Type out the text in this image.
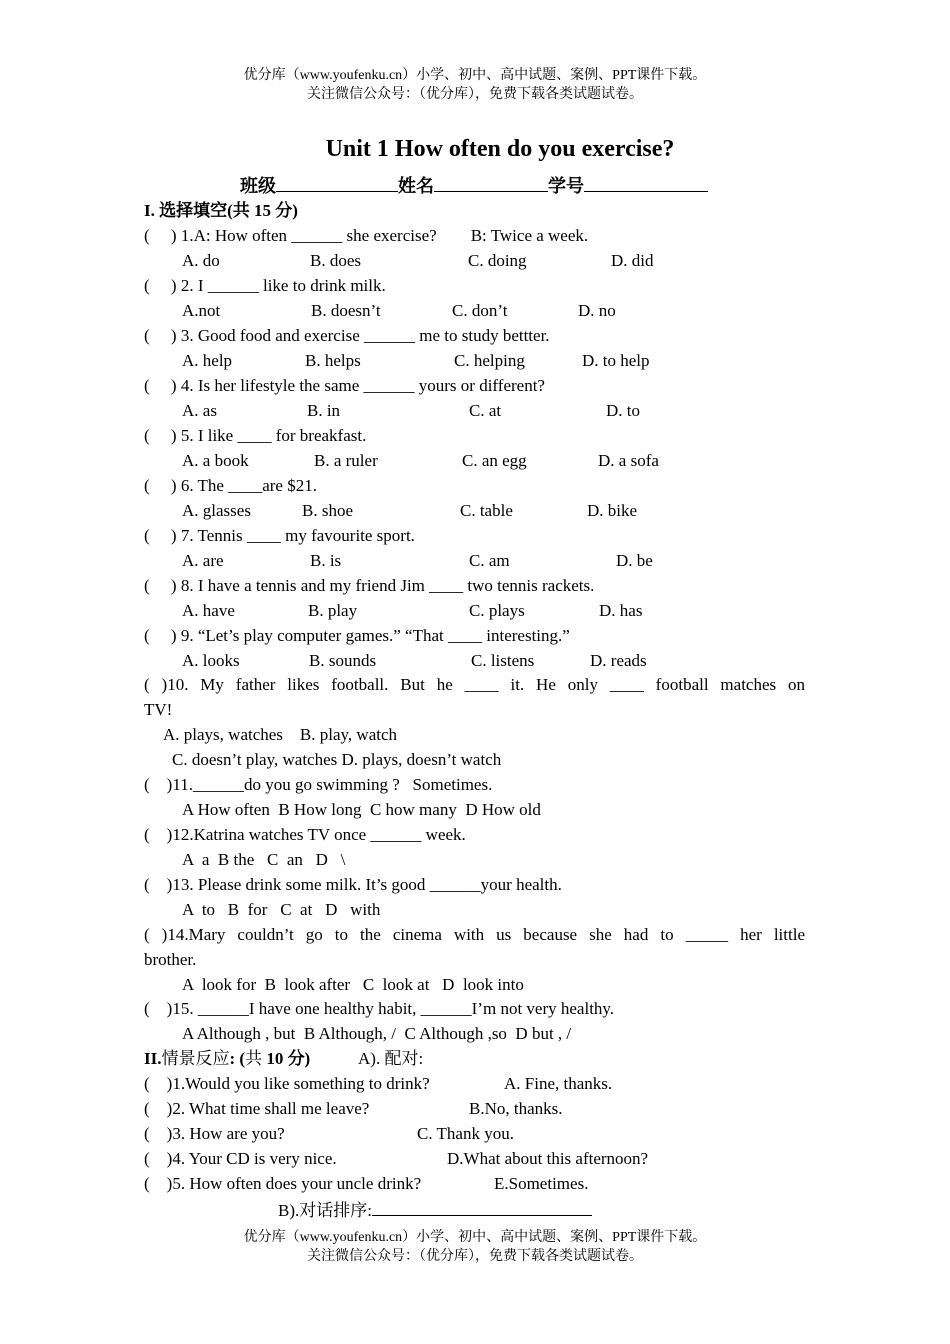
优分库（www.youfenku.cn）小学、初中、高中试题、案例、PPT课件下载。
关注微信公众号：（优分库），免费下载各类试题试卷。
Unit 1 How often do you exercise?
班级	姓名	学号
I. 选择填空(共 15 分)
(     ) 1.A: How often ______ she exercise?        B: Twice a week.
A. do	B. does	C. doing	D. did
(     ) 2. I ______ like to drink milk.
A.not	B. doesn’t	C. don’t	D. no
(     ) 3. Good food and exercise ______ me to study bettter.
A. help	B. helps	C. helping	D. to help
(     ) 4. Is her lifestyle the same ______ yours or different?
A. as	B. in	C. at	D. to
(     ) 5. I like ____ for breakfast.
A. a book	B. a ruler	C. an egg	D. a sofa
(     ) 6. The ____are $21.
A. glasses	B. shoe	C. table	D. bike
(     ) 7. Tennis ____ my favourite sport.
A. are	B. is	C. am	D. be
(     ) 8. I have a tennis and my friend Jim ____ two tennis rackets.
A. have	B. play	C. plays	D. has
(     ) 9. “Let’s play computer games.” “That ____ interesting.”
A. looks	B. sounds	C. listens	D. reads
( )10. My father likes football. But he ____ it. He only ____ football matches on
TV!
A. plays, watches    B. play, watch
C. doesn’t play, watches D. plays, doesn’t watch
(    )11.______do you go swimming ?   Sometimes.
A How often  B How long  C how many  D How old
(    )12.Katrina watches TV once ______ week.
A  a  B the   C  an   D   \
(    )13. Please drink some milk. It’s good ______your health.
A  to   B  for   C  at   D   with
( )14.Mary couldn’t go to the cinema with us because she had to _____ her little
brother.
A  look for  B  look after   C  look at   D  look into
(    )15. ______I have one healthy habit, ______I’m not very healthy.
A Although , but  B Although, /  C Although ,so  D but , /
II.情景反应: (共 10 分)	A). 配对:
(    )1.Would you like something to drink?	A. Fine, thanks.
(    )2. What time shall me leave?	B.No, thanks.
(    )3. How are you?	C. Thank you.
(    )4. Your CD is very nice.	D.What about this afternoon?
(    )5. How often does your uncle drink?	E.Sometimes.
B).对话排序:
优分库（www.youfenku.cn）小学、初中、高中试题、案例、PPT课件下载。
关注微信公众号：（优分库），免费下载各类试题试卷。
